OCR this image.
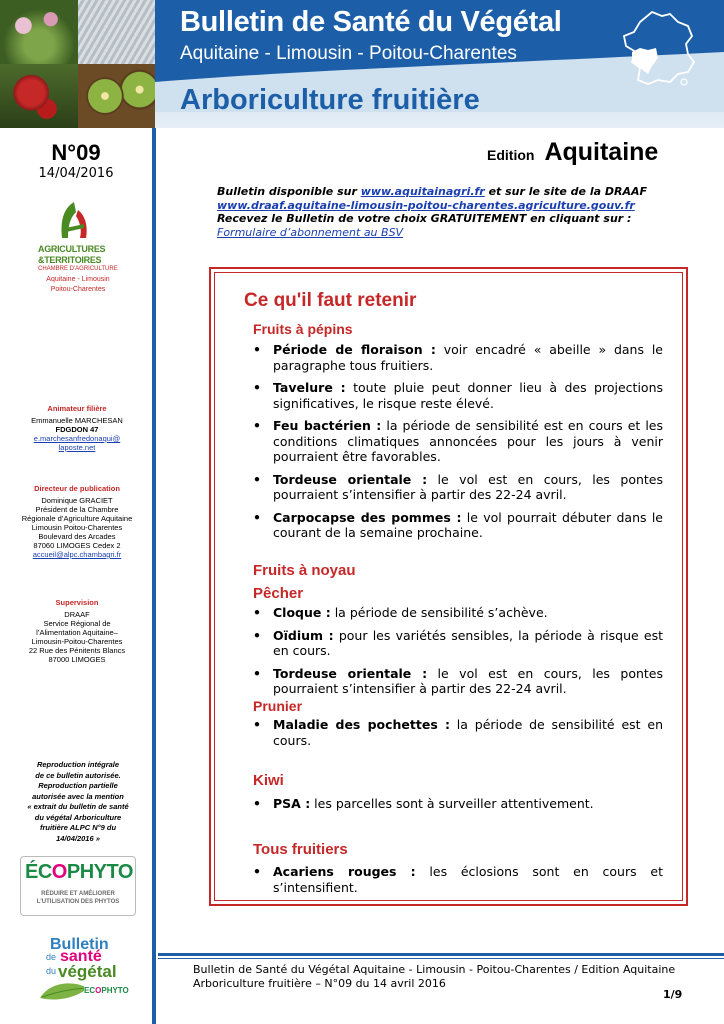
Bulletin de Santé du Végétal
Aquitaine - Limousin - Poitou-Charentes
Arboriculture fruitière
N°09
14/04/2016
AGRICULTURES
&TERRITOIRES
CHAMBRE D'AGRICULTURE
Aquitaine - Limousin
Poitou-Charentes
Animateur filière
Emmanuelle MARCHESAN
FDGDON 47
e.marchesanfredonaqui@
laposte.net
Directeur de publication
Dominique GRACIET
Président de la Chambre
Régionale d’Agriculture Aquitaine
Limousin Poitou-Charentes
Boulevard des Arcades
87060 LIMOGES Cedex 2
accueil@alpc.chambagri.fr
Supervision
DRAAF
Service Régional de
l’Alimentation Aquitaine–
Limousin-Poitou-Charentes
22 Rue des Pénitents Blancs
87000 LIMOGES
Reproduction intégrale
de ce bulletin autorisée.
Reproduction partielle
autorisée avec la mention
« extrait du bulletin de santé
du végétal Arboriculture
fruitière ALPC N°9 du
14/04/2016 »
ÉCOPHYTO
RÉDUIRE ET AMÉLIORER
L'UTILISATION DES PHYTOS
Bulletin
de santé
du végétal
ECOPHYTO
Edition Aquitaine
Bulletin disponible sur www.aquitainagri.fr et sur le site de la DRAAF
www.draaf.aquitaine-limousin-poitou-charentes.agriculture.gouv.fr
Recevez le Bulletin de votre choix GRATUITEMENT en cliquant sur :
Formulaire d’abonnement au BSV
Ce qu'il faut retenir
Fruits à pépins
• Période de floraison : voir encadré « abeille » dans le paragraphe tous fruitiers.
• Tavelure : toute pluie peut donner lieu à des projections significatives, le risque reste élevé.
• Feu bactérien : la période de sensibilité est en cours et les conditions climatiques annoncées pour les jours à venir pourraient être favorables.
• Tordeuse orientale : le vol est en cours, les pontes pourraient s’intensifier à partir des 22-24 avril.
• Carpocapse des pommes : le vol pourrait débuter dans le courant de la semaine prochaine.
Fruits à noyau
Pêcher
• Cloque : la période de sensibilité s’achève.
• Oïdium : pour les variétés sensibles, la période à risque est en cours.
• Tordeuse orientale : le vol est en cours, les pontes pourraient s’intensifier à partir des 22-24 avril.
Prunier
• Maladie des pochettes : la période de sensibilité est en cours.
Kiwi
• PSA : les parcelles sont à surveiller attentivement.
Tous fruitiers
• Acariens rouges : les éclosions sont en cours et s’intensifient.
Bulletin de Santé du Végétal Aquitaine - Limousin - Poitou-Charentes / Edition Aquitaine
Arboriculture fruitière – N°09 du 14 avril 2016
1/9
